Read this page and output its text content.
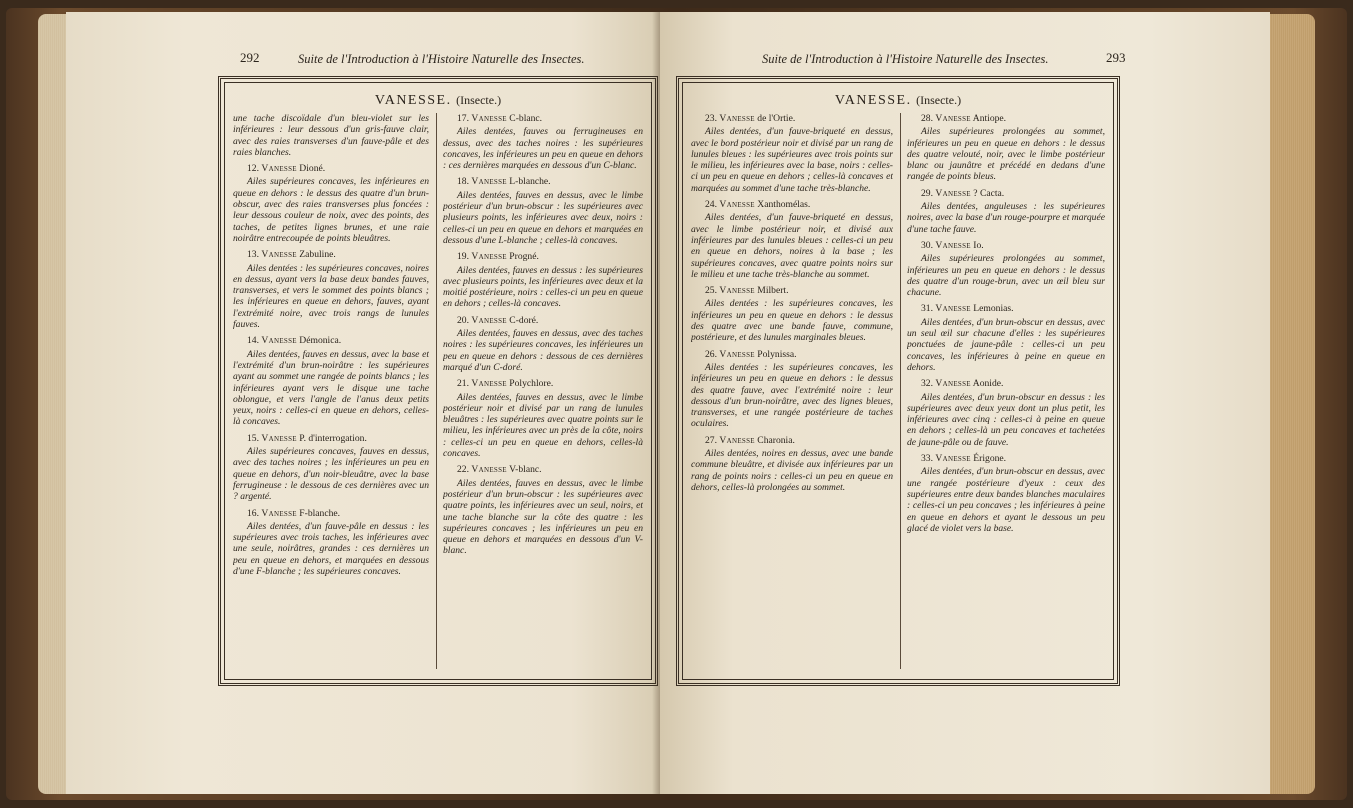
292	Suite de l'Introduction à l'Histoire Naturelle des Insectes.
VANESSE. (Insecte.)
une tache discoïdale d'un bleu-violet sur les inférieures : leur dessous d'un gris-fauve clair, avec des raies transverses d'un fauve-pâle et des raies blanches.
12. Vanesse Dioné.
Ailes supérieures concaves, les inférieures en queue en dehors : le dessus des quatre d'un brun-obscur, avec des raies transverses plus foncées : leur dessous couleur de noix, avec des points, des taches, de petites lignes brunes, et une raie noirâtre entrecoupée de points bleuâtres.
13. Vanesse Zabuline.
Ailes dentées : les supérieures concaves, noires en dessus, ayant vers la base deux bandes fauves, transverses, et vers le sommet des points blancs ; les inférieures en queue en dehors, fauves, ayant l'extrémité noire, avec trois rangs de lunules fauves.
14. Vanesse Démonica.
Ailes dentées, fauves en dessus, avec la base et l'extrémité d'un brun-noirâtre : les supérieures ayant au sommet une rangée de points blancs ; les inférieures ayant vers le disque une tache oblongue, et vers l'angle de l'anus deux petits yeux, noirs : celles-ci en queue en dehors, celles-là concaves.
15. Vanesse P. d'interrogation.
Ailes supérieures concaves, fauves en dessus, avec des taches noires ; les inférieures un peu en queue en dehors, d'un noir-bleuâtre, avec la base ferrugineuse : le dessous de ces dernières avec un ? argenté.
16. Vanesse F-blanche.
Ailes dentées, d'un fauve-pâle en dessus : les supérieures avec trois taches, les inférieures avec une seule, noirâtres, grandes : ces dernières un peu en queue en dehors, et marquées en dessous d'une F-blanche ; les supérieures concaves.
17. Vanesse C-blanc.
Ailes dentées, fauves ou ferrugineuses en dessus, avec des taches noires : les supérieures concaves, les inférieures un peu en queue en dehors : ces dernières marquées en dessous d'un C-blanc.
18. Vanesse L-blanche.
Ailes dentées, fauves en dessus, avec le limbe postérieur d'un brun-obscur : les supérieures avec plusieurs points, les inférieures avec deux, noirs : celles-ci un peu en queue en dehors et marquées en dessous d'une L-blanche ; celles-là concaves.
19. Vanesse Progné.
Ailes dentées, fauves en dessus : les supérieures avec plusieurs points, les inférieures avec deux et la moitié postérieure, noirs : celles-ci un peu en queue en dehors ; celles-là concaves.
20. Vanesse C-doré.
Ailes dentées, fauves en dessus, avec des taches noires : les supérieures concaves, les inférieures un peu en queue en dehors : dessous de ces dernières marqué d'un C-doré.
21. Vanesse Polychlore.
Ailes dentées, fauves en dessus, avec le limbe postérieur noir et divisé par un rang de lunules bleuâtres : les supérieures avec quatre points sur le milieu, les inférieures avec un près de la côte, noirs : celles-ci un peu en queue en dehors, celles-là concaves.
22. Vanesse V-blanc.
Ailes dentées, fauves en dessus, avec le limbe postérieur d'un brun-obscur : les supérieures avec quatre points, les inférieures avec un seul, noirs, et une tache blanche sur la côte des quatre : les supérieures concaves ; les inférieures un peu en queue en dehors et marquées en dessous d'un V-blanc.
Suite de l'Introduction à l'Histoire Naturelle des Insectes.	293
VANESSE. (Insecte.)
23. Vanesse de l'Ortie.
Ailes dentées, d'un fauve-briqueté en dessus, avec le bord postérieur noir et divisé par un rang de lunules bleues : les supérieures avec trois points sur le milieu, les inférieures avec la base, noirs : celles-ci un peu en queue en dehors ; celles-là concaves et marquées au sommet d'une tache très-blanche.
24. Vanesse Xanthomélas.
Ailes dentées, d'un fauve-briqueté en dessus, avec le limbe postérieur noir, et divisé aux inférieures par des lunules bleues : celles-ci un peu en queue en dehors, noires à la base ; les supérieures concaves, avec quatre points noirs sur le milieu et une tache très-blanche au sommet.
25. Vanesse Milbert.
Ailes dentées : les supérieures concaves, les inférieures un peu en queue en dehors : le dessus des quatre avec une bande fauve, commune, postérieure, et des lunules marginales bleues.
26. Vanesse Polynissa.
Ailes dentées : les supérieures concaves, les inférieures un peu en queue en dehors : le dessus des quatre fauve, avec l'extrémité noire : leur dessous d'un brun-noirâtre, avec des lignes bleues, transverses, et une rangée postérieure de taches oculaires.
27. Vanesse Charonia.
Ailes dentées, noires en dessus, avec une bande commune bleuâtre, et divisée aux inférieures par un rang de points noirs : celles-ci un peu en queue en dehors, celles-là prolongées au sommet.
28. Vanesse Antiope.
Ailes supérieures prolongées au sommet, inférieures un peu en queue en dehors : le dessus des quatre velouté, noir, avec le limbe postérieur blanc ou jaunâtre et précédé en dedans d'une rangée de points bleus.
29. Vanesse ? Cacta.
Ailes dentées, anguleuses : les supérieures noires, avec la base d'un rouge-pourpre et marquée d'une tache fauve.
30. Vanesse Io.
Ailes supérieures prolongées au sommet, inférieures un peu en queue en dehors : le dessus des quatre d'un rouge-brun, avec un œil bleu sur chacune.
31. Vanesse Lemonias.
Ailes dentées, d'un brun-obscur en dessus, avec un seul œil sur chacune d'elles : les supérieures ponctuées de jaune-pâle : celles-ci un peu concaves, les inférieures à peine en queue en dehors.
32. Vanesse Aonide.
Ailes dentées, d'un brun-obscur en dessus : les supérieures avec deux yeux dont un plus petit, les inférieures avec cinq : celles-ci à peine en queue en dehors ; celles-là un peu concaves et tachetées de jaune-pâle ou de fauve.
33. Vanesse Érigone.
Ailes dentées, d'un brun-obscur en dessus, avec une rangée postérieure d'yeux : ceux des supérieures entre deux bandes blanches maculaires : celles-ci un peu concaves ; les inférieures à peine en queue en dehors et ayant le dessous un peu glacé de violet vers la base.
